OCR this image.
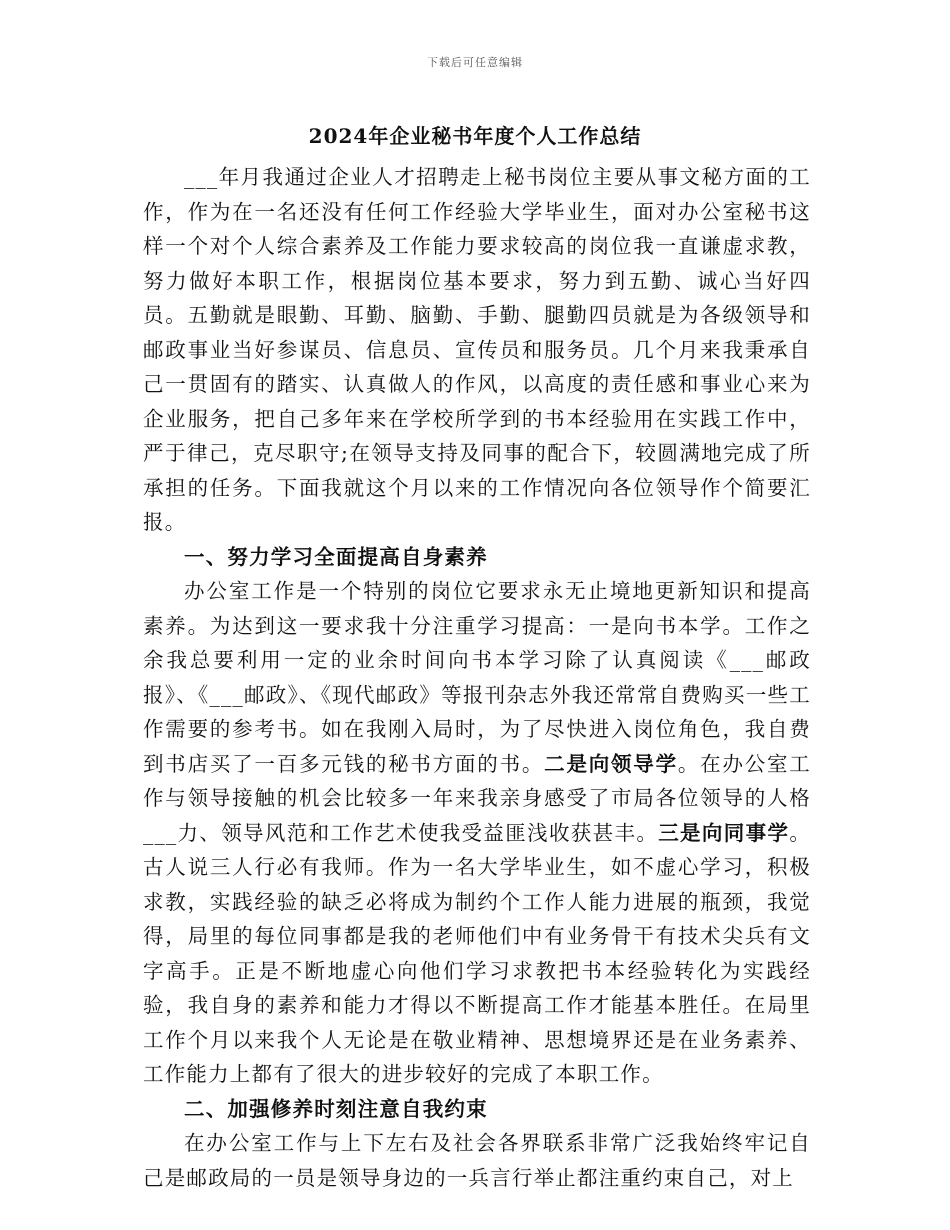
下载后可任意编辑
2024年企业秘书年度个人工作总结

___年月我通过企业人才招聘走上秘书岗位主要从事文秘方面的工作，作为在一名还没有任何工作经验大学毕业生，面对办公室秘书这样一个对个人综合素养及工作能力要求较高的岗位我一直谦虚求教，努力做好本职工作，根据岗位基本要求，努力到五勤、诚心当好四员。五勤就是眼勤、耳勤、脑勤、手勤、腿勤四员就是为各级领导和邮政事业当好参谋员、信息员、宣传员和服务员。几个月来我秉承自己一贯固有的踏实、认真做人的作风，以高度的责任感和事业心来为企业服务，把自己多年来在学校所学到的书本经验用在实践工作中，严于律己，克尽职守;在领导支持及同事的配合下，较圆满地完成了所承担的任务。下面我就这个月以来的工作情况向各位领导作个简要汇报。

一、努力学习全面提高自身素养

办公室工作是一个特别的岗位它要求永无止境地更新知识和提高素养。为达到这一要求我十分注重学习提高：一是向书本学。工作之余我总要利用一定的业余时间向书本学习除了认真阅读《___邮政报》、《___邮政》、《现代邮政》等报刊杂志外我还常常自费购买一些工作需要的参考书。如在我刚入局时，为了尽快进入岗位角色，我自费到书店买了一百多元钱的秘书方面的书。二是向领导学。在办公室工作与领导接触的机会比较多一年来我亲身感受了市局各位领导的人格___力、领导风范和工作艺术使我受益匪浅收获甚丰。三是向同事学。古人说三人行必有我师。作为一名大学毕业生，如不虚心学习，积极求教，实践经验的缺乏必将成为制约个工作人能力进展的瓶颈，我觉得，局里的每位同事都是我的老师他们中有业务骨干有技术尖兵有文字高手。正是不断地虚心向他们学习求教把书本经验转化为实践经验，我自身的素养和能力才得以不断提高工作才能基本胜任。在局里工作个月以来我个人无论是在敬业精神、思想境界还是在业务素养、工作能力上都有了很大的进步较好的完成了本职工作。

二、加强修养时刻注意自我约束

在办公室工作与上下左右及社会各界联系非常广泛我始终牢记自己是邮政局的一员是领导身边的一兵言行举止都注重约束自己，对上
